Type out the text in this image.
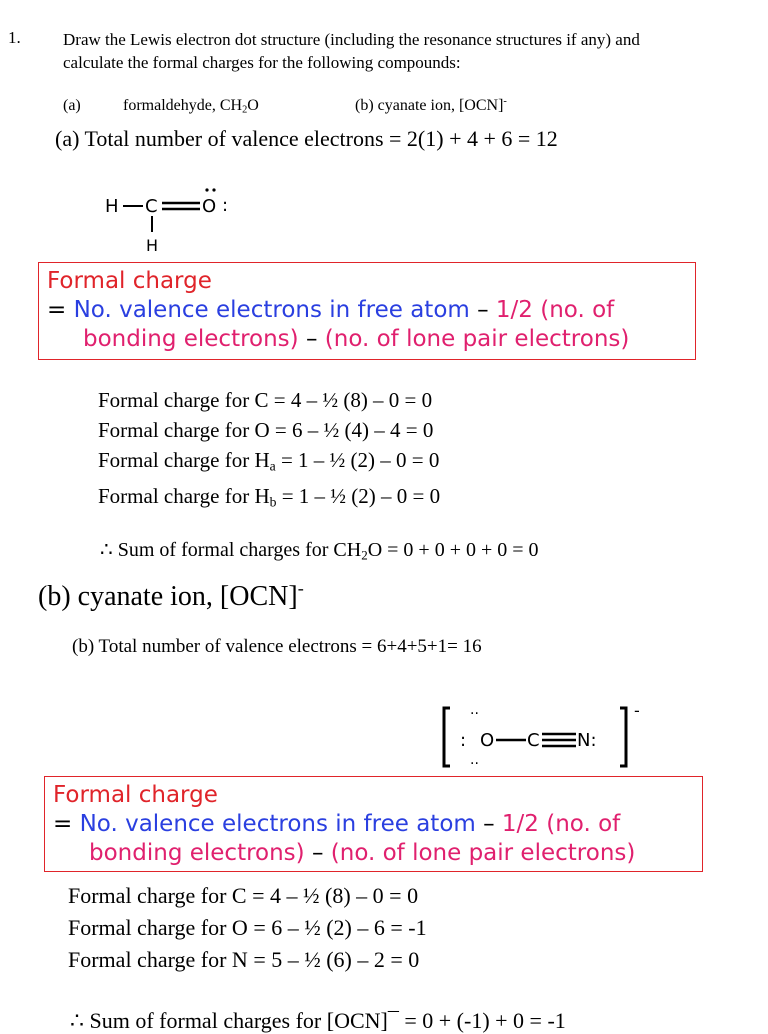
1. Draw the Lewis electron dot structure (including the resonance structures if any) and
calculate the formal charges for the following compounds:
(a)	formaldehyde, $CH_2O$	(b) cyanate ion, [OCN]-
(a) Total number of valence electrons = 2(1) + 4 + 6 = 12
H C O :
H
Formal charge
= No. valence electrons in free atom – 1/2 (no. of
bonding electrons) – (no. of lone pair electrons)
Formal charge for C = 4 – ½ (8) – 0 = 0
Formal charge for O = 6 – ½ (4) – 4 = 0
Formal charge for $H_a = 1$ – ½ (2) – 0 = 0
Formal charge for $H_b = 1$ – ½ (2) – 0 = 0
∴ Sum of formal charges for $CH_2O = 0 + 0 + 0 + 0 = 0$
(b) cyanate ion, [OCN]-
(b) Total number of valence electrons = 6+4+5+1= 16
-
··
: O
··
C N:
Formal charge
= No. valence electrons in free atom – 1/2 (no. of
bonding electrons) – (no. of lone pair electrons)
Formal charge for C = 4 – ½ (8) – 0 = 0
Formal charge for O = 6 – ½ (2) – 6 = -1
Formal charge for N = 5 – ½ (6) – 2 = 0
∴ Sum of formal charges for [OCN]¯ = 0 + (-1) + 0 = -1
